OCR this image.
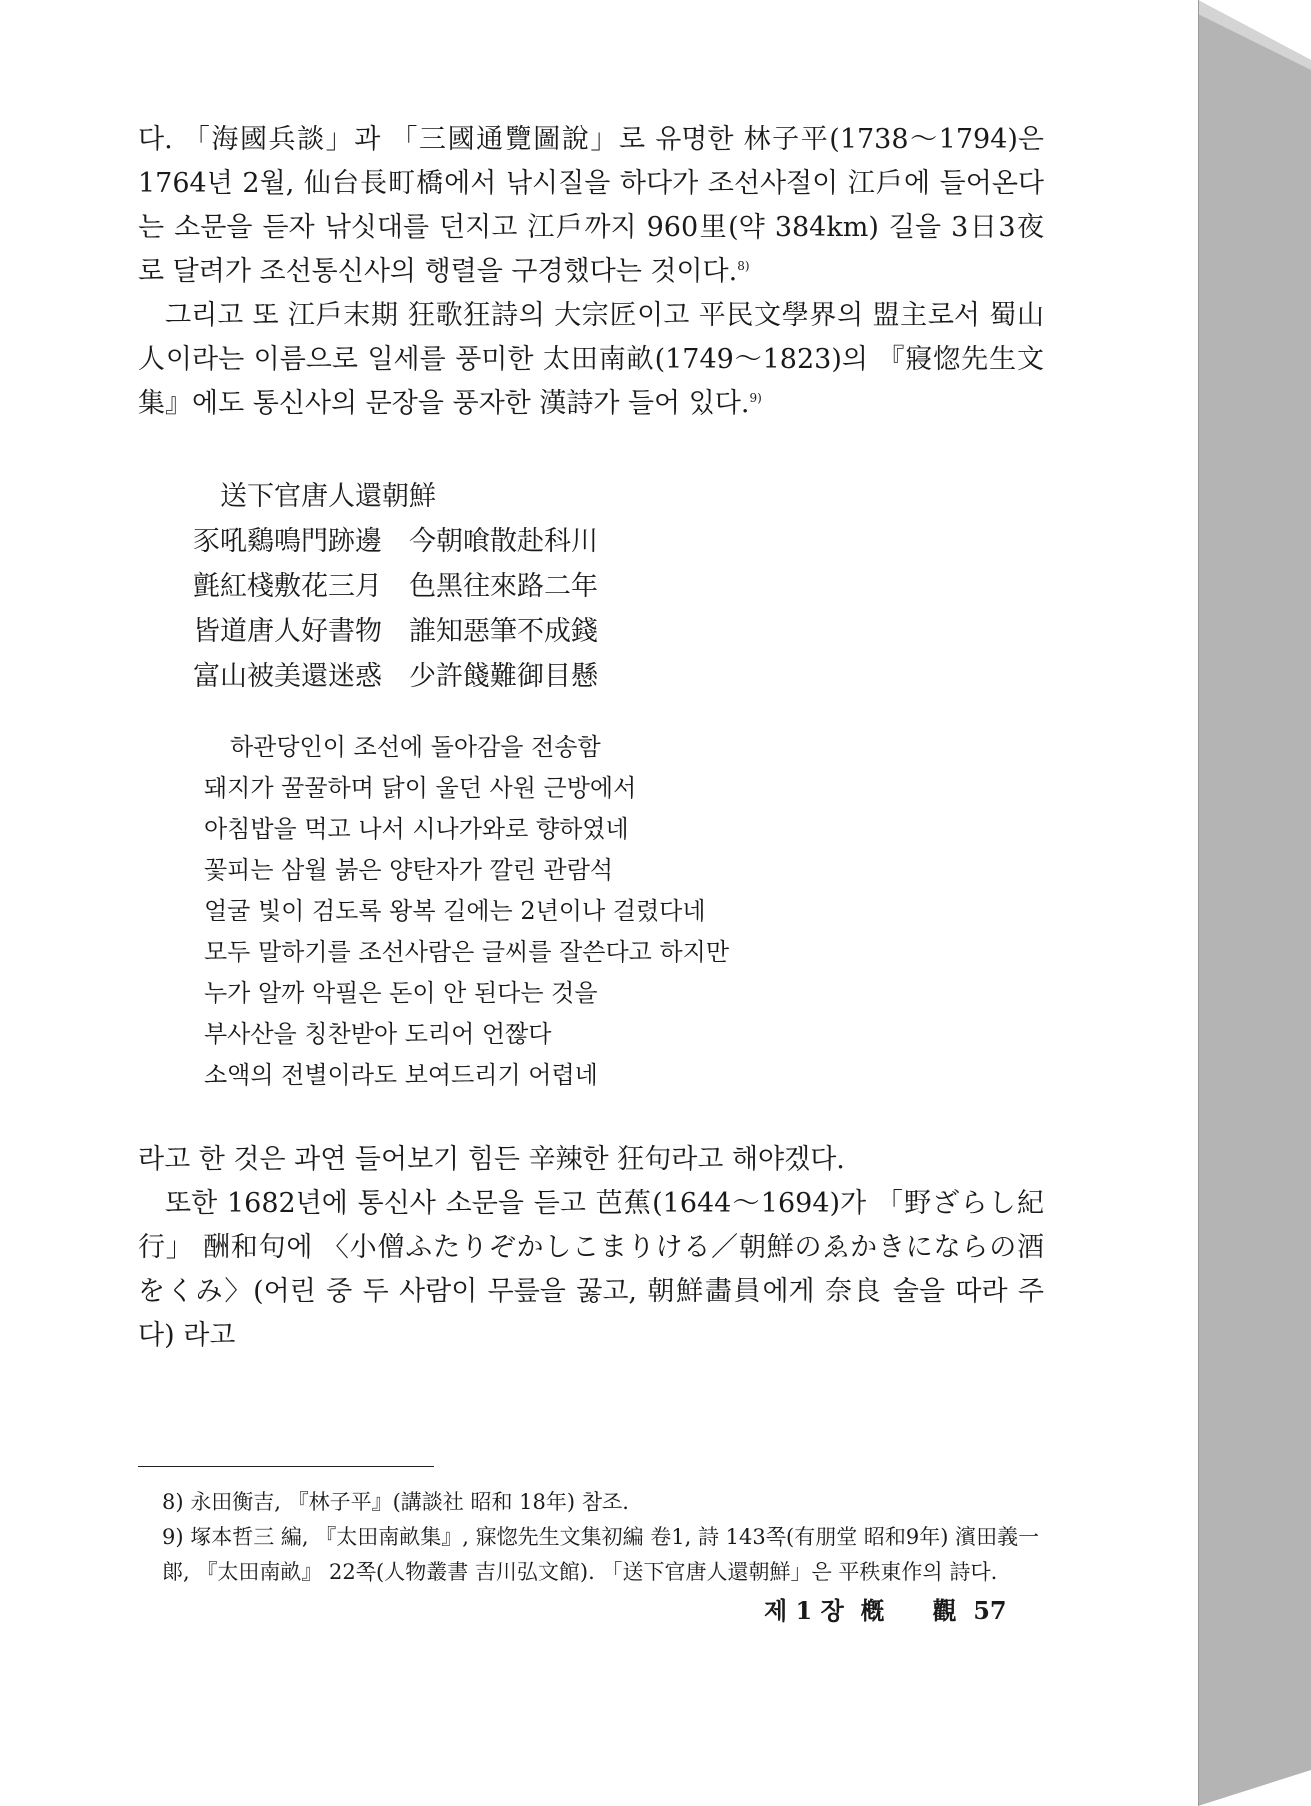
다. 「海國兵談」과 「三國通覽圖說」로 유명한 林子平(1738～1794)은 1764년 2월, 仙台長町橋에서 낚시질을 하다가 조선사절이 江戶에 들어온다는 소문을 듣자 낚싯대를 던지고 江戶까지 960里(약 384km) 길을 3日3夜로 달려가 조선통신사의 행렬을 구경했다는 것이다.$^{8)}$

그리고 또 江戶末期 狂歌狂詩의 大宗匠이고 平民文學界의 盟主로서 蜀山人이라는 이름으로 일세를 풍미한 太田南畝(1749～1823)의 『寢惚先生文集』에도 통신사의 문장을 풍자한 漢詩가 들어 있다.$^{9)}$

送下官唐人還朝鮮
豕吼鷄鳴門跡邊 今朝喰散赴科川
氈紅棧敷花三月 色黑往來路二年
皆道唐人好書物 誰知惡筆不成錢
富山被美還迷惑 少許餞難御目懸
하관당인이 조선에 돌아감을 전송함
돼지가 꿀꿀하며 닭이 울던 사원 근방에서
아침밥을 먹고 나서 시나가와로 향하였네
꽃피는 삼월 붉은 양탄자가 깔린 관람석
얼굴 빛이 검도록 왕복 길에는 2년이나 걸렸다네
모두 말하기를 조선사람은 글씨를 잘쓴다고 하지만
누가 알까 악필은 돈이 안 된다는 것을
부사산을 칭찬받아 도리어 언짢다
소액의 전별이라도 보여드리기 어렵네

라고 한 것은 과연 들어보기 힘든 辛辣한 狂句라고 해야겠다.

또한 1682년에 통신사 소문을 듣고 芭蕉(1644～1694)가 「野ざらし紀行」 酬和句에 〈小僧ふたりぞかしこまりける／朝鮮のゑかきにならの酒をくみ〉(어린 중 두 사람이 무릎을 꿇고, 朝鮮畵員에게 奈良 술을 따라 주다) 라고

8) 永田衡吉, 『林子平』(講談社 昭和 18年) 참조.

9) 塚本哲三 編, 『太田南畝集』, 寐惚先生文集初編 卷1, 詩 143쪽(有朋堂 昭和9年) 濱田義一郞, 『太田南畝』 22쪽(人物叢書 吉川弘文館). 「送下官唐人還朝鮮」은 平秩東作의 詩다.

제 1 장 槪　　觀 57
